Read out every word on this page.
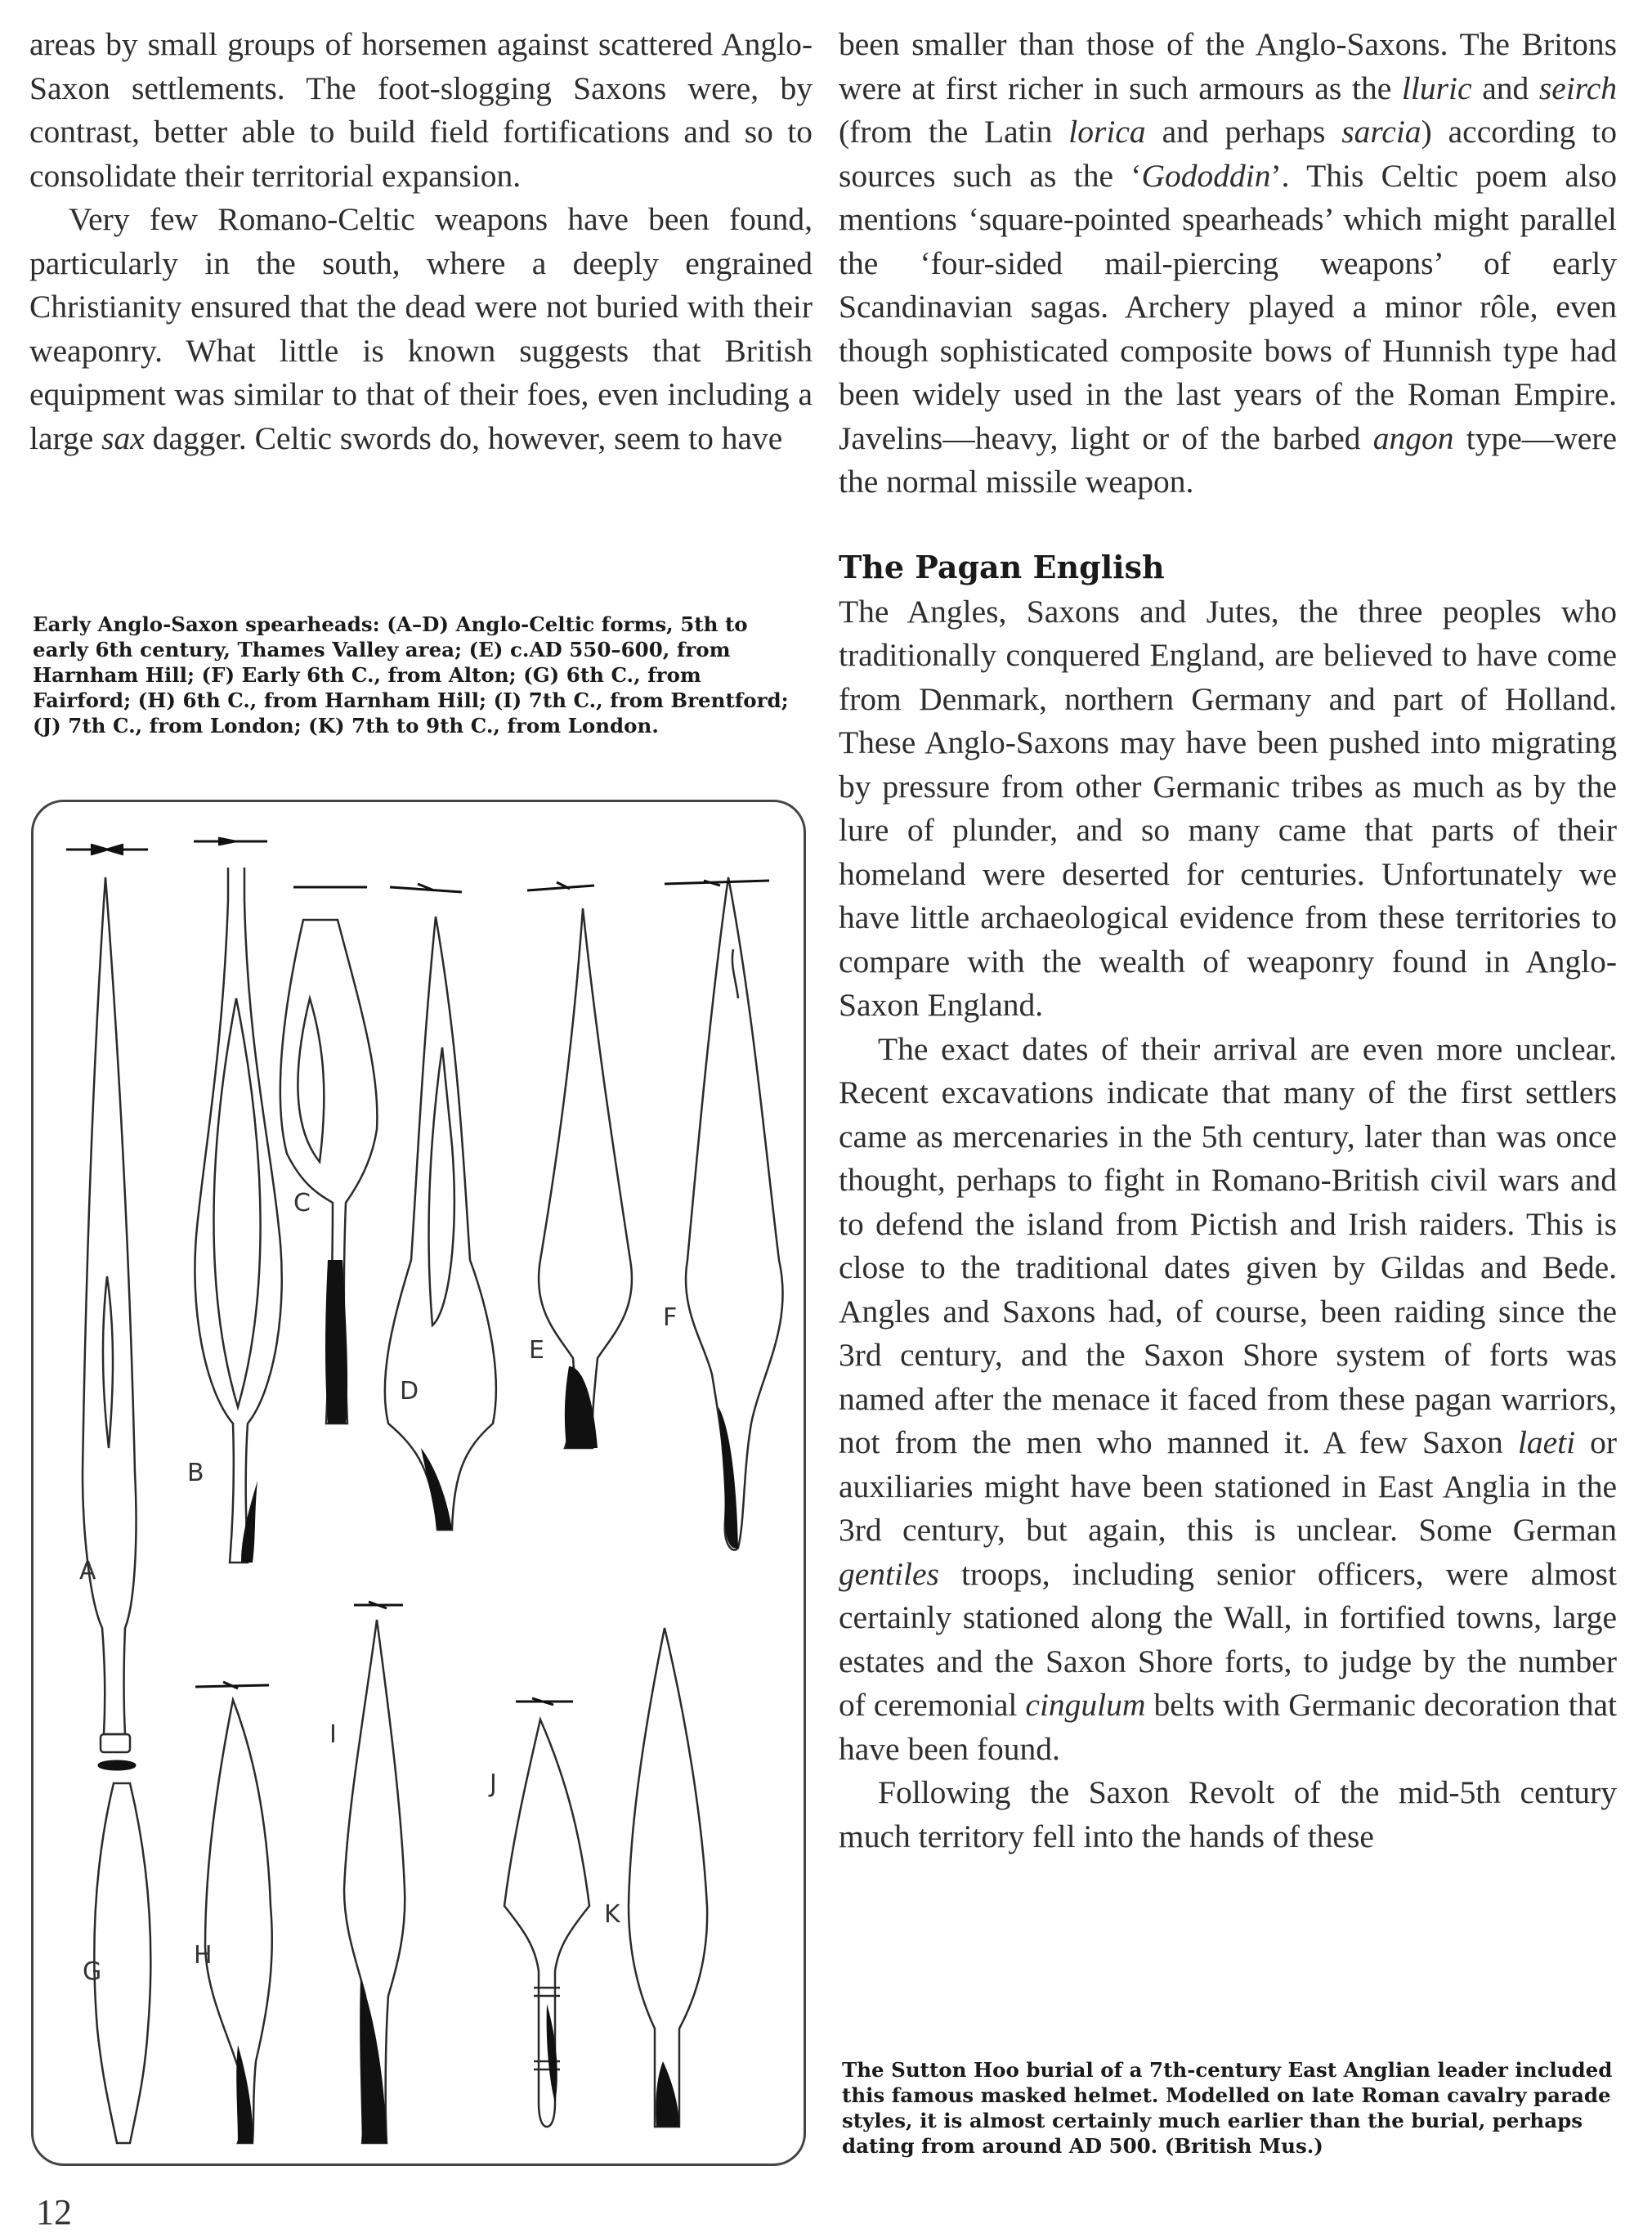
areas by small groups of horsemen against scattered Anglo-Saxon settlements. The foot-slogging Saxons were, by contrast, better able to build field fortifications and so to consolidate their territorial expansion.

Very few Romano-Celtic weapons have been found, particularly in the south, where a deeply engrained Christianity ensured that the dead were not buried with their weaponry. What little is known suggests that British equipment was similar to that of their foes, even including a large sax dagger. Celtic swords do, however, seem to have

Early Anglo-Saxon spearheads: (A–D) Anglo-Celtic forms, 5th to early 6th century, Thames Valley area; (E) c.AD 550–600, from Harnham Hill; (F) Early 6th C., from Alton; (G) 6th C., from Fairford; (H) 6th C., from Harnham Hill; (I) 7th C., from Brentford; (J) 7th C., from London; (K) 7th to 9th C., from London.

A
B
C
D
E
F
G
H
I
J
K

been smaller than those of the Anglo-Saxons. The Britons were at first richer in such armours as the lluric and seirch (from the Latin lorica and perhaps sarcia) according to sources such as the ‘Gododdin’. This Celtic poem also mentions ‘square-pointed spearheads’ which might parallel the ‘four-sided mail-piercing weapons’ of early Scandinavian sagas. Archery played a minor rôle, even though sophisticated composite bows of Hunnish type had been widely used in the last years of the Roman Empire. Javelins—heavy, light or of the barbed angon type—were the normal missile weapon.

The Pagan English

The Angles, Saxons and Jutes, the three peoples who traditionally conquered England, are believed to have come from Denmark, northern Germany and part of Holland. These Anglo-Saxons may have been pushed into migrating by pressure from other Germanic tribes as much as by the lure of plunder, and so many came that parts of their homeland were deserted for centuries. Unfortunately we have little archaeological evidence from these territories to compare with the wealth of weaponry found in Anglo-Saxon England.

The exact dates of their arrival are even more unclear. Recent excavations indicate that many of the first settlers came as mercenaries in the 5th century, later than was once thought, perhaps to fight in Romano-British civil wars and to defend the island from Pictish and Irish raiders. This is close to the traditional dates given by Gildas and Bede. Angles and Saxons had, of course, been raiding since the 3rd century, and the Saxon Shore system of forts was named after the menace it faced from these pagan warriors, not from the men who manned it. A few Saxon laeti or auxiliaries might have been stationed in East Anglia in the 3rd century, but again, this is unclear. Some German gentiles troops, including senior officers, were almost certainly stationed along the Wall, in fortified towns, large estates and the Saxon Shore forts, to judge by the number of ceremonial cingulum belts with Germanic decoration that have been found.

Following the Saxon Revolt of the mid-5th century much territory fell into the hands of these

The Sutton Hoo burial of a 7th-century East Anglian leader included this famous masked helmet. Modelled on late Roman cavalry parade styles, it is almost certainly much earlier than the burial, perhaps dating from around AD 500. (British Mus.)

12
